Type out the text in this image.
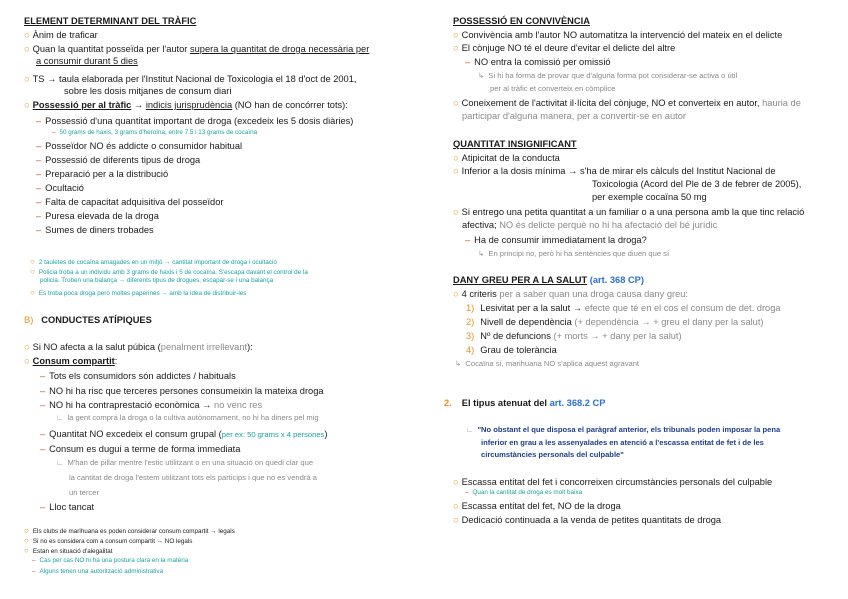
ELEMENT DETERMINANT DEL TRÀFIC
○ Ànim de traficar
○ Quan la quantitat posseïda per l'autor supera la quantitat de droga necessària per
a consumir durant 5 dies
○ TS → taula elaborada per l'Institut Nacional de Toxicologia el 18 d'oct de 2001,
sobre les dosis mitjanes de consum diari
○ Possessió per al tràfic → indicis jurisprudència (NO han de concórrer tots):
– Possessió d'una quantitat important de droga (excedeix les 5 dosis diàries)
– 50 grams de haxis, 3 grams d'heroïna, entre 7.5 i 13 grams de cocaïna
– Posseïdor NO és addicte o consumidor habitual
– Possessió de diferents tipus de droga
– Preparació per a la distribució
– Ocultació
– Falta de capacitat adquisitiva del posseïdor
– Puresa elevada de la droga
– Sumes de diners trobades
○ 2 tauletes de cocaïna amagades en un mitjó → cantitat important de droga i ocultació
○ Policia troba a un individu amb 3 grams de haxis i 5 de cocaïna. S'escapa davant el control de la
policia. Troben una balança → diferents tipus de drogues, escapar-se i una balança
○ Es troba poca droga però moltes paperines → amb la idea de distribuir-les
B) CONDUCTES ATÍPIQUES
○ Si NO afecta a la salut púbica (penalment irrellevant):
○ Consum compartit:
– Tots els consumidors són addictes / habituals
– NO hi ha risc que terceres persones consumeixin la mateixa droga
– NO hi ha contraprestació econòmica → no venc res
∟ la gent compra la droga o la cultiva autònomament, no hi ha diners pel mig
– Quantitat NO excedeix el consum grupal (per ex: 50 grams x 4 persones)
– Consum es dugui a terme de forma immediata
∟ M'han de pillar mentre l'estic utilitzant o en una situació on quedi clar que
la cantitat de droga l'estem utilitzant tots els particips i que no es vendrà a
un tercer
– Lloc tancat
○ Els clubs de marihuana es poden considerar consum compartit → legals
○ Si no es considera com a consum compartit → NO legals
○ Estan en situació d'alegalitat
– Cas per cas NO hi ha una postura clara en la matèria
– Alguns tenen una autorització administrativa
POSSESSIÓ EN CONVIVÈNCIA
○ Convivència amb l'autor NO automatitza la intervenció del mateix en el delicte
○ El cònjuge NO té el deure d'evitar el delicte del altre
– NO entra la comissió per omissió
↳ Si hi ha forma de provar que d'alguna forma pot considerar-se activa o útil
per al tràfic et converteix en còmplice
○ Coneixement de l'activitat il·lícita del cònjuge, NO et converteix en autor, hauria de
participar d'alguna manera, per a convertir-se en autor
QUANTITAT INSIGNIFICANT
○ Atipicitat de la conducta
○ Inferior a la dosis mínima → s'ha de mirar els càlculs del Institut Nacional de
Toxicologia (Acord del Ple de 3 de febrer de 2005),
per exemple cocaïna 50 mg
○ Si entrego una petita quantitat a un familiar o a una persona amb la que tinc relació
afectiva; NO és delicte perquè no hi ha afectació del bé jurídic
– Ha de consumir immediatament la droga?
↳ En principi no, però hi ha sentències que diuen que sí
DANY GREU PER A LA SALUT (art. 368 CP)
○ 4 criteris per a saber quan una droga causa dany greu:
1) Lesivitat per a la salut → efecte que té en el cos el consum de det. droga
2) Nivell de dependència (+ dependència → + greu el dany per la salut)
3) Nº de defuncions (+ morts → + dany per la salut)
4) Grau de tolerància
↳ Cocaïna sí, marihuana NO s'aplica aquest agravant
2. El tipus atenuat del art. 368.2 CP
∟ "No obstant el que disposa el paràgraf anterior, els tribunals poden imposar la pena
inferior en grau a les assenyalades en atenció a l'escassa entitat de fet i de les
circumstàncies personals del culpable"
○ Escassa entitat del fet i concorreixen circumstàncies personals del culpable
– Quan la cantitat de droga es molt baixa
○ Escassa entitat del fet, NO de la droga
○ Dedicació continuada a la venda de petites quantitats de droga
